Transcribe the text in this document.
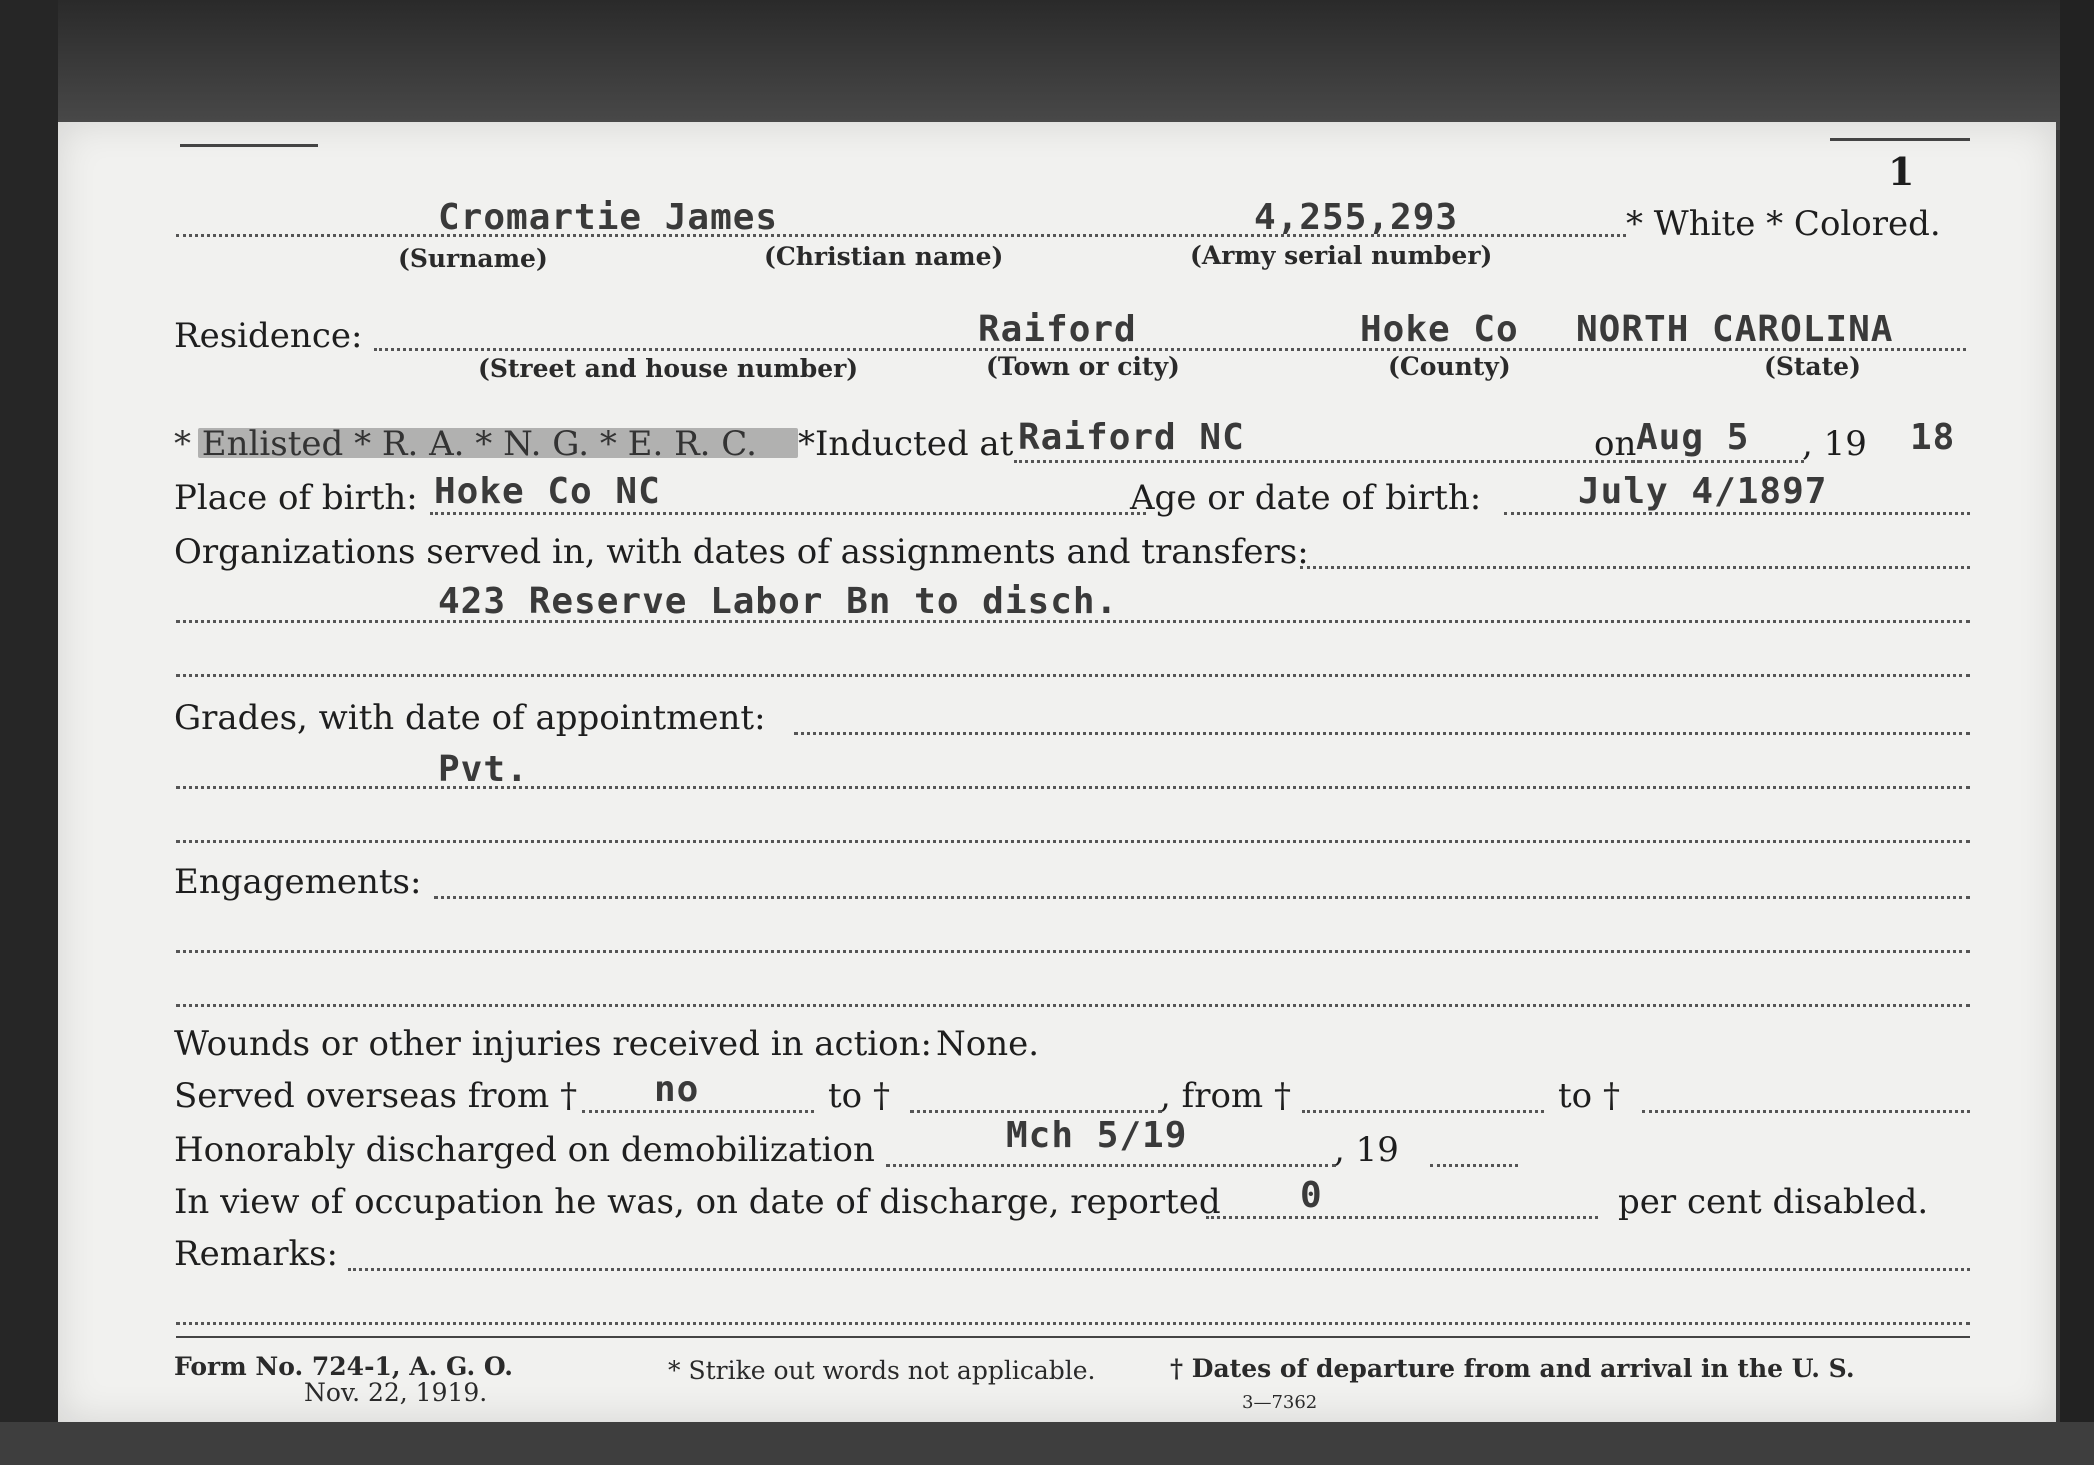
1
Cromartie James	4,255,293	* White * Colored.
(Surname)	(Christian name)	(Army serial number)
Residence:	Raiford	Hoke Co NORTH CAROLINA
(Street and house number)	(Town or city)	(County)	(State)
* Enlisted * R. A. * N. G. * E. R. C. *Inducted at Raiford NC	on Aug 5 , 19 18
Place of birth: Hoke Co NC	Age or date of birth:	July 4/1897
Organizations served in, with dates of assignments and transfers:
423 Reserve Labor Bn to disch.
Grades, with date of appointment:
Pvt.
Engagements:
Wounds or other injuries received in action: None.
Served overseas from † no	to †	, from †	to †
Honorably discharged on demobilization	Mch 5/19	, 19
In view of occupation he was, on date of discharge, reported 0	per cent disabled.
Remarks:
Form No. 724-1, A. G. O.
Nov. 22, 1919.
* Strike out words not applicable.	† Dates of departure from and arrival in the U. S.
3—7362
